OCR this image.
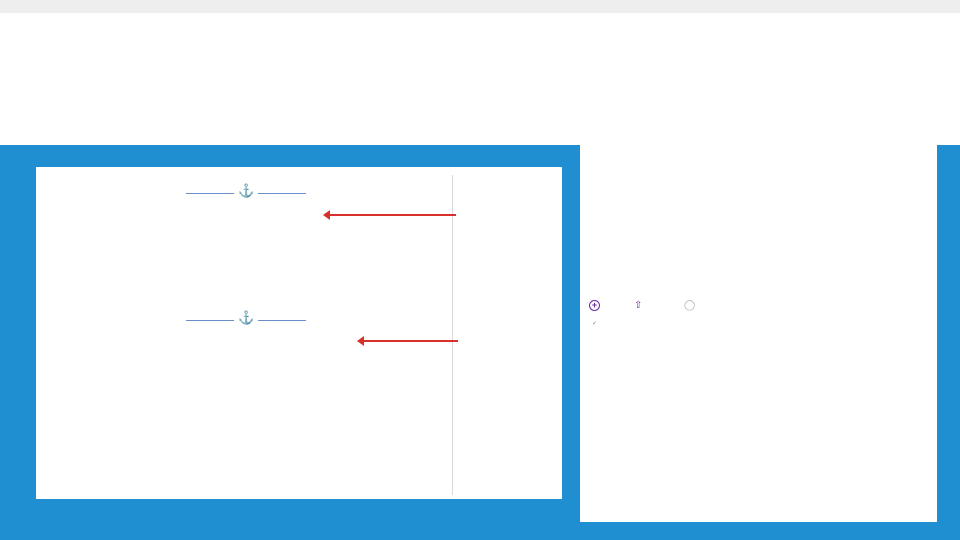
⚓
⚓
+	⇧	◯
✓
